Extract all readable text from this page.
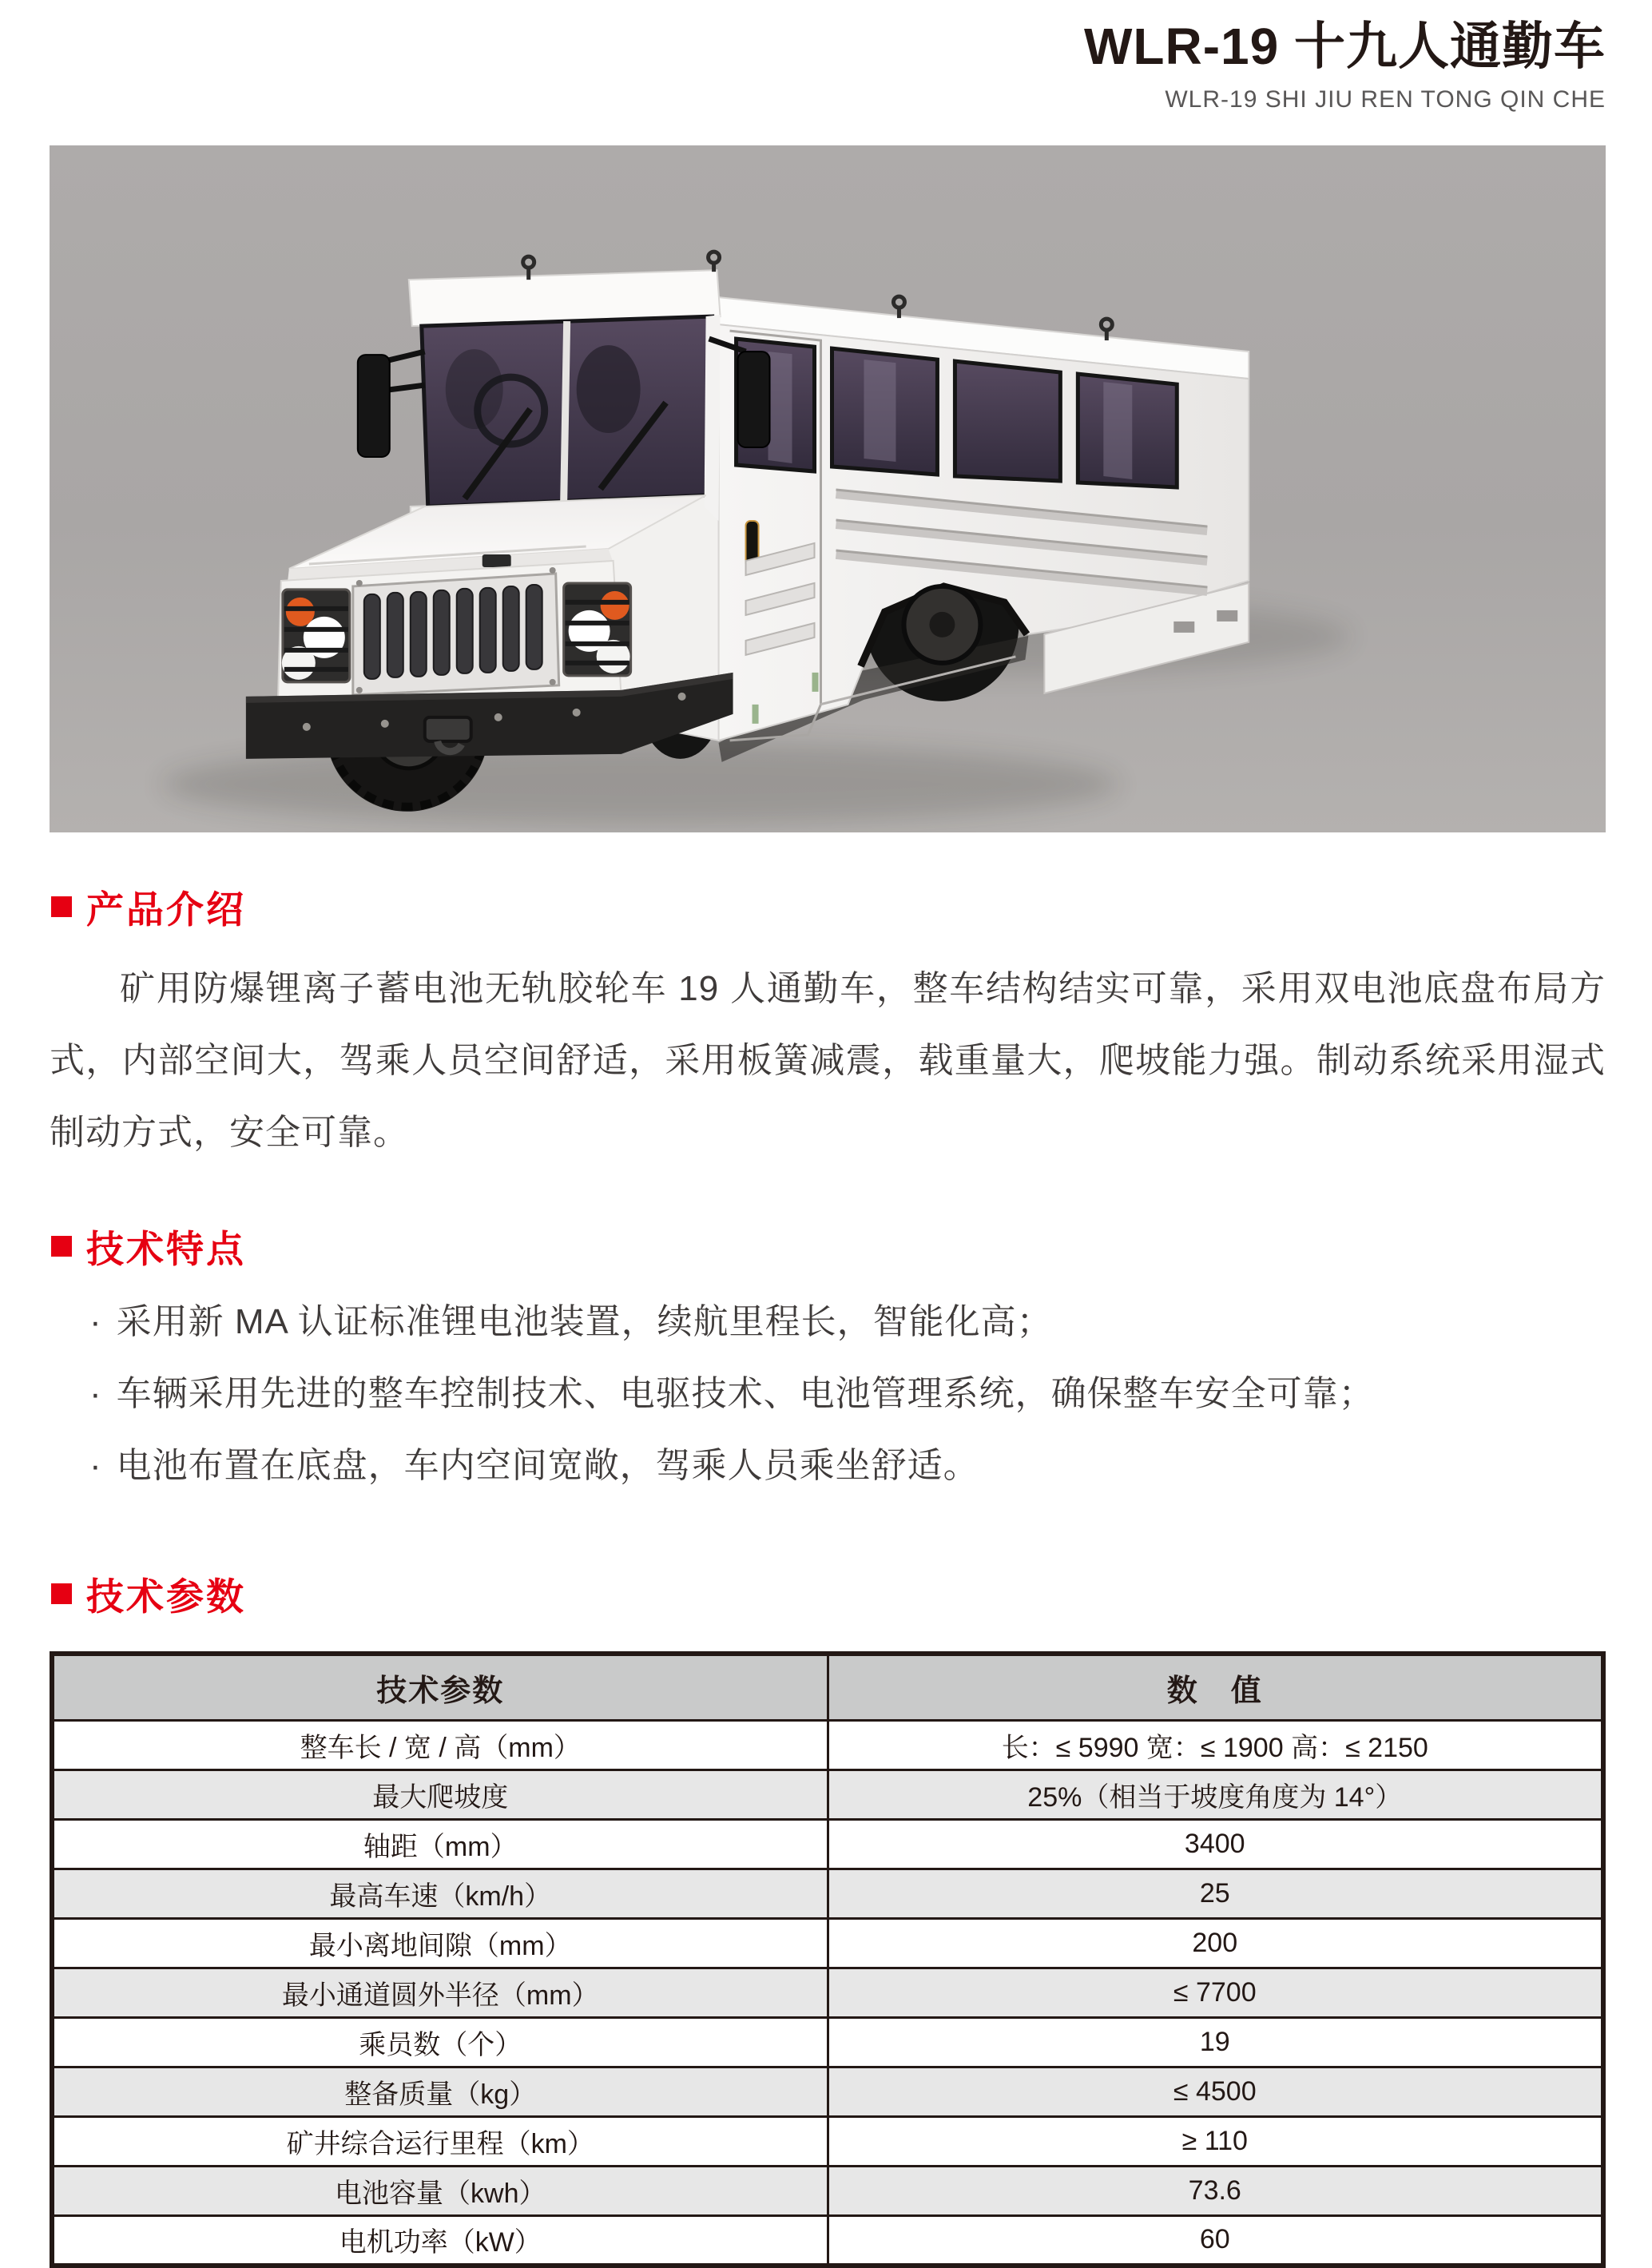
WLR-19 十九人通勤车
WLR-19 SHI JIU REN TONG QIN CHE
产品介绍
矿用防爆锂离子蓄电池无轨胶轮车 19 人通勤车，整车结构结实可靠，采用双电池底盘布局方式，内部空间大，驾乘人员空间舒适，采用板簧减震，载重量大，爬坡能力强。制动系统采用湿式制动方式，安全可靠。
技术特点
· 采用新 MA 认证标准锂电池装置，续航里程长，智能化高；
· 车辆采用先进的整车控制技术、电驱技术、电池管理系统，确保整车安全可靠；
· 电池布置在底盘，车内空间宽敞，驾乘人员乘坐舒适。
技术参数
技术参数	数　值
整车长 / 宽 / 高（mm）	长：≤ 5990 宽：≤ 1900 高：≤ 2150
最大爬坡度	25%（相当于坡度角度为 14°）
轴距（mm）	3400
最高车速（km/h）	25
最小离地间隙（mm）	200
最小通道圆外半径（mm）	≤ 7700
乘员数（个）	19
整备质量（kg）	≤ 4500
矿井综合运行里程（km）	≥ 110
电池容量（kwh）	73.6
电机功率（kW）	60
